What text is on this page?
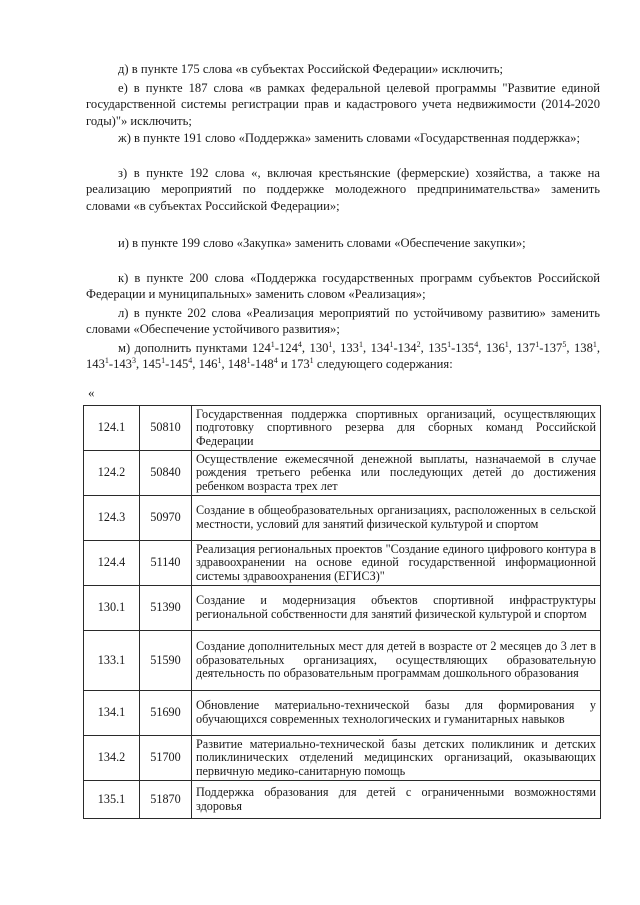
д) в пункте 175 слова «в субъектах Российской Федерации» исключить;

е) в пункте 187 слова «в рамках федеральной целевой программы "Развитие единой государственной системы регистрации прав и кадастрового учета недвижимости (2014-2020 годы)"» исключить;

ж) в пункте 191 слово «Поддержка» заменить словами «Государственная поддержка»;

з) в пункте 192 слова «, включая крестьянские (фермерские) хозяйства, а также на реализацию мероприятий по поддержке молодежного предпринимательства» заменить словами «в субъектах Российской Федерации»;

и) в пункте 199 слово «Закупка» заменить словами «Обеспечение закупки»;

к) в пункте 200 слова «Поддержка государственных программ субъектов Российской Федерации и муниципальных» заменить словом «Реализация»;

л) в пункте 202 слова «Реализация мероприятий по устойчивому развитию» заменить словами «Обеспечение устойчивого развития»;

м) дополнить пунктами $124^1-124^4$, $130^1$, $133^1$, $134^1-134^2$, $135^1-135^4$, $136^1$, $137^1-137^5$, $138^1$, $143^1-143^3$, $145^1-145^4$, $146^1$, $148^1-148^4$ и $173^1$ следующего содержания:

«
124.1	50810	Государственная поддержка спортивных организаций, осуществляющих подготовку спортивного резерва для сборных команд Российской Федерации
124.2	50840	Осуществление ежемесячной денежной выплаты, назначаемой в случае рождения третьего ребенка или последующих детей до достижения ребенком возраста трех лет
124.3	50970	Создание в общеобразовательных организациях, расположенных в сельской местности, условий для занятий физической культурой и спортом
124.4	51140	Реализация региональных проектов "Создание единого цифрового контура в здравоохранении на основе единой государственной информационной системы здравоохранения (ЕГИСЗ)"
130.1	51390	Создание и модернизация объектов спортивной инфраструктуры региональной собственности для занятий физической культурой и спортом
133.1	51590	Создание дополнительных мест для детей в возрасте от 2 месяцев до 3 лет в образовательных организациях, осуществляющих образовательную деятельность по образовательным программам дошкольного образования
134.1	51690	Обновление материально-технической базы для формирования у обучающихся современных технологических и гуманитарных навыков
134.2	51700	Развитие материально-технической базы детских поликлиник и детских поликлинических отделений медицинских организаций, оказывающих первичную медико-санитарную помощь
135.1	51870	Поддержка образования для детей с ограниченными возможностями здоровья
